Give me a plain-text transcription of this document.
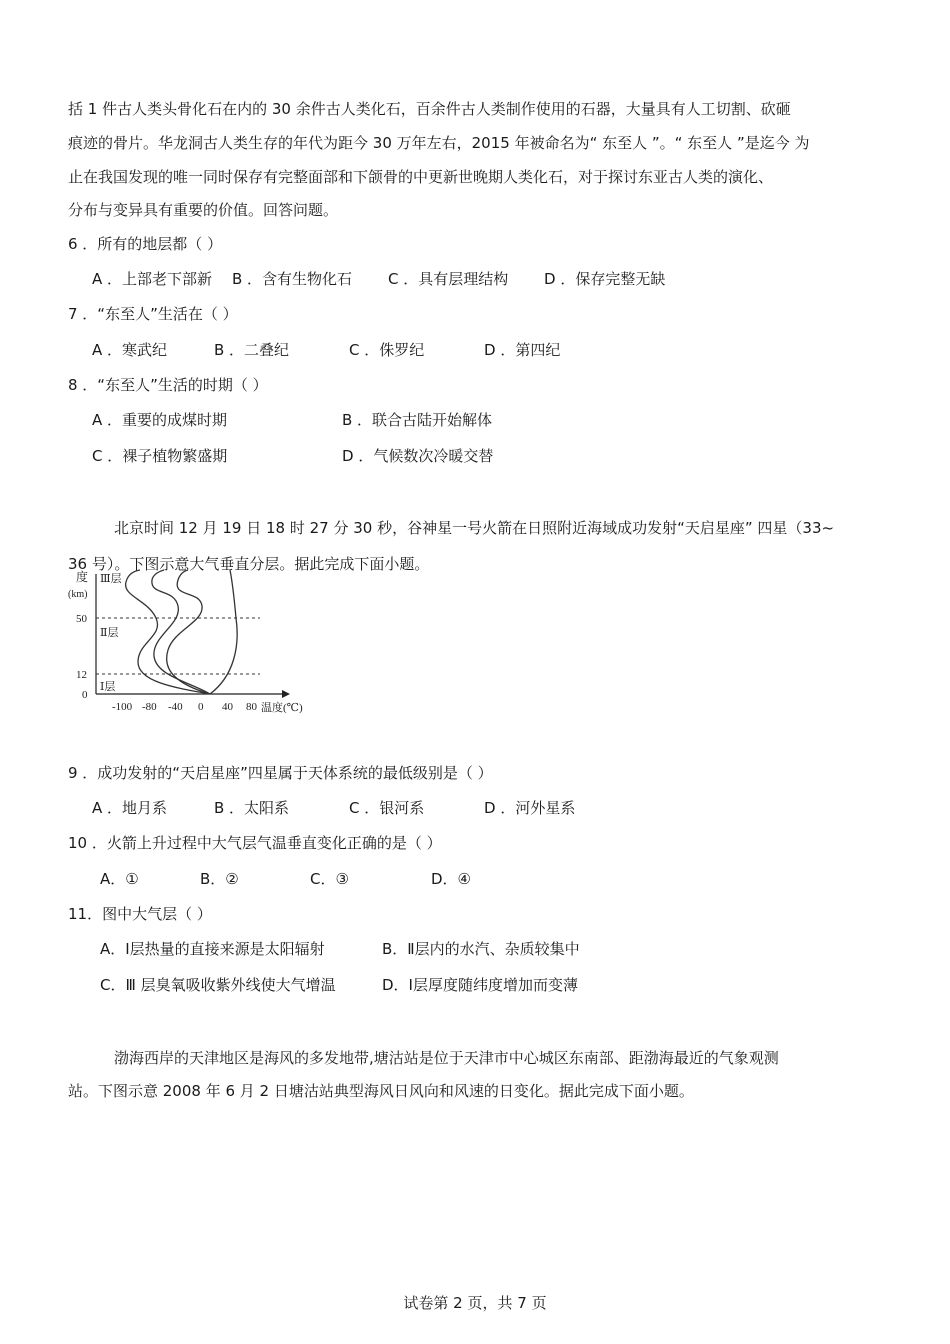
括 1 件古人类头骨化石在内的 30 余件古人类化石，百余件古人类制作使用的石器，大量具有人工切割、砍砸
痕迹的骨片。华龙洞古人类生存的年代为距今 30 万年左右，2015 年被命名为“ 东至人 ”。“ 东至人 ”是迄今 为
止在我国发现的唯一同时保存有完整面部和下颌骨的中更新世晚期人类化石，对于探讨东亚古人类的演化、
分布与变异具有重要的价值。回答问题。
6 ．所有的地层都（ ）
A ．上部老下部新 B ．含有生物化石 C ．具有层理结构 D ．保存完整无缺
7 ．“东至人”生活在（ ）
A ．寒武纪	B ．二叠纪	C ．侏罗纪	D ．第四纪
8 ．“东至人”生活的时期（ ）
A ．重要的成煤时期	B ．联合古陆开始解体
C ．裸子植物繁盛期	D ．气候数次冷暖交替
北京时间 12 月 19 日 18 时 27 分 30 秒，谷神星一号火箭在日照附近海域成功发射“天启星座” 四星（33~
36 号）。下图示意大气垂直分层。据此完成下面小题。
度
(km)
50
12
0
-100 -80 -40 0 40 80 温度(℃)
Ⅲ层
Ⅱ层
Ⅰ层
9 ．成功发射的“天启星座”四星属于天体系统的最低级别是（ ）
A ．地月系	B ．太阳系	C ．银河系	D ．河外星系
10 ．火箭上升过程中大气层气温垂直变化正确的是（ ）
A．①	B．②	C．③	D．④
11．图中大气层（ ）
A．Ⅰ层热量的直接来源是太阳辐射	B．Ⅱ层内的水汽、杂质较集中
C．Ⅲ 层臭氧吸收紫外线使大气增温	D．Ⅰ层厚度随纬度增加而变薄
渤海西岸的天津地区是海风的多发地带,塘沽站是位于天津市中心城区东南部、距渤海最近的气象观测
站。下图示意 2008 年 6 月 2 日塘沽站典型海风日风向和风速的日变化。据此完成下面小题。
试卷第 2 页，共 7 页
